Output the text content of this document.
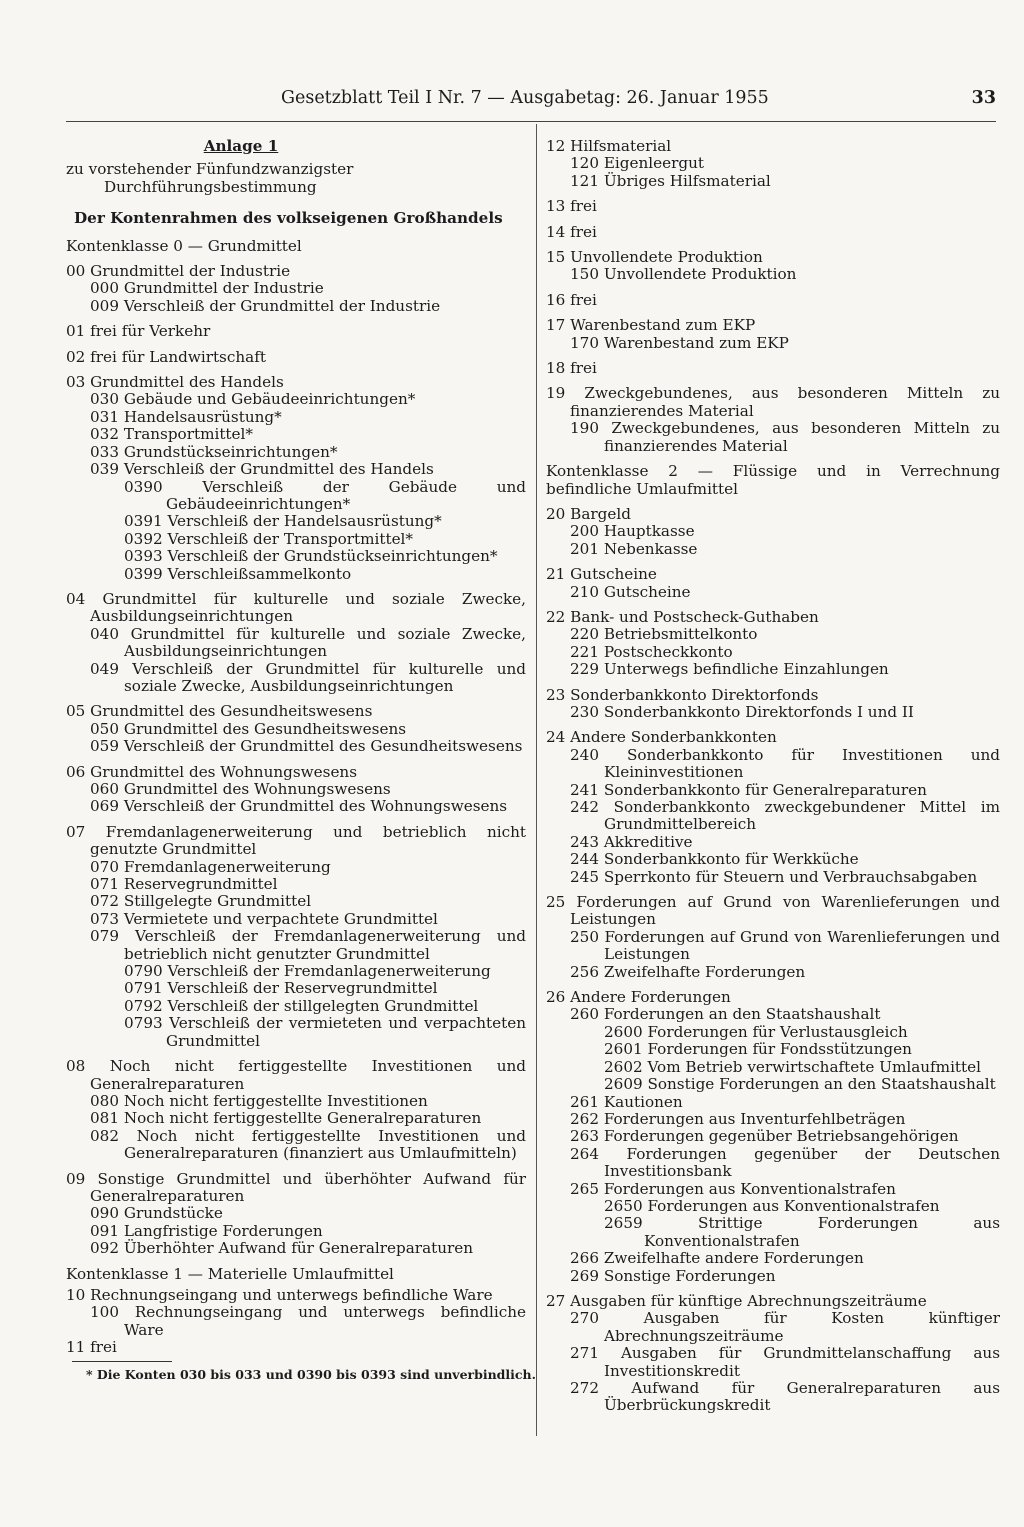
Gesetzblatt Teil I Nr. 7 — Ausgabetag: 26. Januar 1955	33
Anlage 1
zu vorstehender Fünfundzwanzigster
Durchführungsbestimmung
Der Kontenrahmen des volkseigenen Großhandels
Kontenklasse 0 — Grundmittel
00 Grundmittel der Industrie
000 Grundmittel der Industrie
009 Verschleiß der Grundmittel der Industrie
01 frei für Verkehr
02 frei für Landwirtschaft
03 Grundmittel des Handels
030 Gebäude und Gebäudeeinrichtungen*
031 Handelsausrüstung*
032 Transportmittel*
033 Grundstückseinrichtungen*
039 Verschleiß der Grundmittel des Handels
0390 Verschleiß der Gebäude und Gebäudeeinrichtungen*
0391 Verschleiß der Handelsausrüstung*
0392 Verschleiß der Transportmittel*
0393 Verschleiß der Grundstückseinrichtungen*
0399 Verschleißsammelkonto
04 Grundmittel für kulturelle und soziale Zwecke, Ausbildungseinrichtungen
040 Grundmittel für kulturelle und soziale Zwecke, Ausbildungseinrichtungen
049 Verschleiß der Grundmittel für kulturelle und soziale Zwecke, Ausbildungseinrichtungen
05 Grundmittel des Gesundheitswesens
050 Grundmittel des Gesundheitswesens
059 Verschleiß der Grundmittel des Gesundheitswesens
06 Grundmittel des Wohnungswesens
060 Grundmittel des Wohnungswesens
069 Verschleiß der Grundmittel des Wohnungswesens
07 Fremdanlagenerweiterung und betrieblich nicht genutzte Grundmittel
070 Fremdanlagenerweiterung
071 Reservegrundmittel
072 Stillgelegte Grundmittel
073 Vermietete und verpachtete Grundmittel
079 Verschleiß der Fremdanlagenerweiterung und betrieblich nicht genutzter Grundmittel
0790 Verschleiß der Fremdanlagenerweiterung
0791 Verschleiß der Reservegrundmittel
0792 Verschleiß der stillgelegten Grundmittel
0793 Verschleiß der vermieteten und verpachteten Grundmittel
08 Noch nicht fertiggestellte Investitionen und Generalreparaturen
080 Noch nicht fertiggestellte Investitionen
081 Noch nicht fertiggestellte Generalreparaturen
082 Noch nicht fertiggestellte Investitionen und Generalreparaturen (finanziert aus Umlaufmitteln)
09 Sonstige Grundmittel und überhöhter Aufwand für Generalreparaturen
090 Grundstücke
091 Langfristige Forderungen
092 Überhöhter Aufwand für Generalreparaturen
Kontenklasse 1 — Materielle Umlaufmittel
10 Rechnungseingang und unterwegs befindliche Ware
100 Rechnungseingang und unterwegs befindliche Ware
11 frei
* Die Konten 030 bis 033 und 0390 bis 0393 sind unverbindlich.
12 Hilfsmaterial
120 Eigenleergut
121 Übriges Hilfsmaterial
13 frei
14 frei
15 Unvollendete Produktion
150 Unvollendete Produktion
16 frei
17 Warenbestand zum EKP
170 Warenbestand zum EKP
18 frei
19 Zweckgebundenes, aus besonderen Mitteln zu finanzierendes Material
190 Zweckgebundenes, aus besonderen Mitteln zu finanzierendes Material
Kontenklasse 2 — Flüssige und in Verrechnung befindliche Umlaufmittel
20 Bargeld
200 Hauptkasse
201 Nebenkasse
21 Gutscheine
210 Gutscheine
22 Bank- und Postscheck-Guthaben
220 Betriebsmittelkonto
221 Postscheckkonto
229 Unterwegs befindliche Einzahlungen
23 Sonderbankkonto Direktorfonds
230 Sonderbankkonto Direktorfonds I und II
24 Andere Sonderbankkonten
240 Sonderbankkonto für Investitionen und Kleininvestitionen
241 Sonderbankkonto für Generalreparaturen
242 Sonderbankkonto zweckgebundener Mittel im Grundmittelbereich
243 Akkreditive
244 Sonderbankkonto für Werkküche
245 Sperrkonto für Steuern und Verbrauchsabgaben
25 Forderungen auf Grund von Warenlieferungen und Leistungen
250 Forderungen auf Grund von Warenlieferungen und Leistungen
256 Zweifelhafte Forderungen
26 Andere Forderungen
260 Forderungen an den Staatshaushalt
2600 Forderungen für Verlustausgleich
2601 Forderungen für Fondsstützungen
2602 Vom Betrieb verwirtschaftete Umlaufmittel
2609 Sonstige Forderungen an den Staatshaushalt
261 Kautionen
262 Forderungen aus Inventurfehlbeträgen
263 Forderungen gegenüber Betriebsangehörigen
264 Forderungen gegenüber der Deutschen Investitionsbank
265 Forderungen aus Konventionalstrafen
2650 Forderungen aus Konventionalstrafen
2659 Strittige Forderungen aus Konventionalstrafen
266 Zweifelhafte andere Forderungen
269 Sonstige Forderungen
27 Ausgaben für künftige Abrechnungszeiträume
270 Ausgaben für Kosten künftiger Abrechnungszeiträume
271 Ausgaben für Grundmittelanschaffung aus Investitionskredit
272 Aufwand für Generalreparaturen aus Überbrückungskredit
